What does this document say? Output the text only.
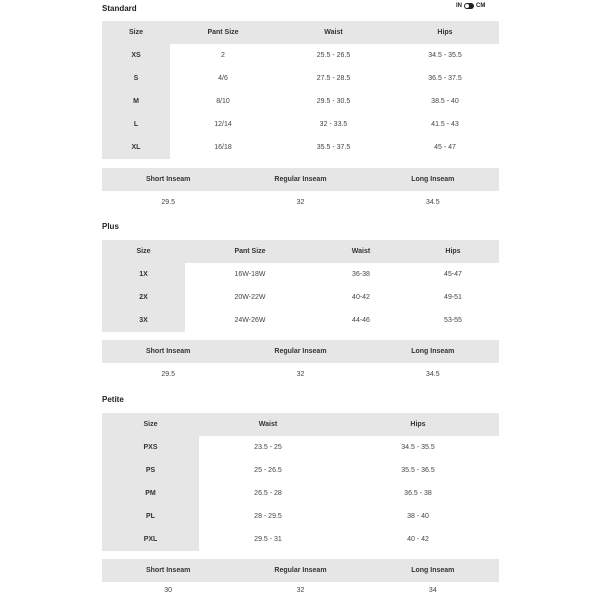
Standard	IN CM
Size	Pant Size	Waist	Hips
XS	2	25.5 - 26.5	34.5 - 35.5
S	4/6	27.5 - 28.5	36.5 - 37.5
M	8/10	29.5 - 30.5	38.5 - 40
L	12/14	32 - 33.5	41.5 - 43
XL	16/18	35.5 - 37.5	45 - 47
Short Inseam	Regular Inseam	Long Inseam
29.5	32	34.5
Plus
Size	Pant Size	Waist	Hips
1X	16W-18W	36-38	45-47
2X	20W-22W	40-42	49-51
3X	24W-26W	44-46	53-55
Short Inseam	Regular Inseam	Long Inseam
29.5	32	34.5
Petite
Size	Waist	Hips
PXS	23.5 - 25	34.5 - 35.5
PS	25 - 26.5	35.5 - 36.5
PM	26.5 - 28	36.5 - 38
PL	28 - 29.5	38 - 40
PXL	29.5 - 31	40 - 42
Short Inseam	Regular Inseam	Long Inseam
30	32	34
